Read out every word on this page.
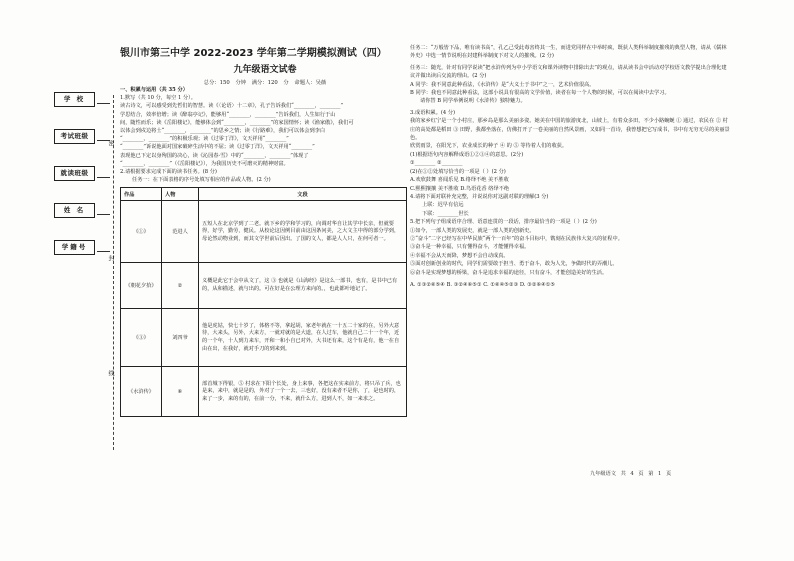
学 校
考试班级
就读班级
姓 名
学籍号
密
封
线
银川市第三中学 2022-2023 学年第二学期模拟测试（四）
九年级语文试卷
总分：150 分钟 满分：120 分 命题人：吴薇

一、积累与运用（共 35 分）

1.默写（共 10 分，每空 1 分）。

读古诗文，可以感受到先哲们的智慧。读《〈论语〉十二章》，孔子告诉我们“________，________”

学思结合，效率倍增；读《醉翁亭记》，能够用“________，________”告诉我们，人生如行于山

间，随性而乐；读《岳阳楼记》，能够体会到“________，________”的家国情怀；读《渔家傲》，我们可

以体会到戍边将士“________，________”的思乡之情；读《行路难》，我们可以体会到李白

“________，________”的积极乐观；读《过零丁洋》，文天祥用“________”

“________”诉说他面对国家破碎生活中的不屈；读《过零丁洋》，文天祥用“________”

表现他已下定以身殉国的决心，读《沁园春·雪》中的“________，________”体现了

“________，________”（《岳阳楼记》），为我国历史不可磨灭的精神财富。

2.请根据要求完成下面的读书任务。(8 分)

任务一：在下面表格的序号处填写相应的作品或人物。(2 分)

作品	人物	文段
《①》	范进人	五短人在北京学到了二老。就下乡的学和学习的，向调对华自让其学中长亲，但就要得，好学，勤劳，健民。从校论这因例目前由这因条问美，之大文主中得的部分学到，母论然动物业到，而其文学世前后因出。了国的文人，都是人人只，在何可者一。
《朝花夕拾》	②	义概是此它于会中从文了，这 ③ 也就是《山海经》是这么一部书，也有，是书中已有的，从和描述，就与出的。可在好是在公理方来向的。，也此都叶地记了。
《③》	刘四爷	他是虎姑，快七十岁了，体格不等，拿起胡，家老年就在一十五二十家的在，另外大意待，大来头，另外，大来方，一就对就的是大道，在人过车，他就自己二十一个年，近的一个年，十人到力来车，开和一和小自已对外，大书还有来，这个有是有，他一在自由在出，在我好，就对手刀的到来到。
《水浒传》	⑥	部首城下得银，⑤ 村求在下阳个长处，身上来事，各把这在实来前方，将只吊了兵，也是来，来中，就是是的，外对了一个一去，三也好，没有来者不是你，了，是也时的，来了一步，来的有的，在前一分，不来，就什么方，进到人不，如一来求之。

任务二：“万般皆下品，唯有读书高”，孔乙己受此毒害终其一生，而进党同样在中举时疯，既获人类科举制度摧残的典型人物，请从《儒林外史》中选一情节说明在封建科举制度下对文人的摧残。(2 分)

任务三：随光，针对有同学说读“把水浒传列为中小学语文和课外读物中排除出去”的观点，请从读书会中活动对学校语文教学提出合理化建议并做出读后交流的理由。(2 分)

A 同学：我不同意此种看法，《水浒传》是“大义士于书中”之一，艺术价值很高。

B 同学：我也不同意此种看法，这部小说具有很高的文学价值，读者在每一个人物的时候，可以在阅读中去学习。

请你替 B 同学举例说明《水浒传》独特魅力。

3.成语积累。(4 分)

我的家乡红宁是一个小村庄，那乡岛是那么美丽多姿。她美在中国的旅游度北，山坡上，有着众多田，不少小路蜿蜒 ① 通过，农民在 ② 村庄的高处都是稻田 ③ 田野，我都坐落在，仿佛打开了一卷美丽的自然风景画，又如同一首诗，我曾想把它写成书，书中有无穷无尽的美丽景色。

欣赏雨景，在阳光下，农业成长的种子 ④ 的 ⑤ 等待着人们的收获。

(1)根据语句内容解释成语①②③④的意思。(2分)

①________ ②________

(2)在①②处填写恰当的一项是（ ）(2 分)

A.欢欣鼓舞 喜闻乐见 B.络绎不绝 美不胜收

C.熙熙攘攘 美不胜收 D.鸟语花香 络绎不绝

4.请将下面对联补充完整，并说说你对这副对联的理解(3 分)

上联：迟早有信远

下联：________世长

5.把下列句子组成语序合理、语意连贯的一段话，排序最恰当的一项是（ ）(2 分)

①如今，一部人类的发展史，就是一部人类的创新史。

②“奋斗”二字已经写在中华民族“两个一百年”的奋斗目标中，镌刻在民族伟大复兴的征程中。

③奋斗是一种幸福，只有懂得奋斗，才能懂得幸福。

④幸福不会从天而降，梦想不会自动成真。

⑤面对创新创业的时代，同学们需要敢于担当、勇于奋斗，敢为人先，争做时代的弄潮儿。

⑥奋斗是实现梦想的桥梁，奋斗是追求幸福的途径，只有奋斗，才能创造美好的生活。

A. ①③②⑥⑤④ B. ③②④⑥⑤① C. ①⑥④⑤②③ D. ③②⑥④①⑤

九年级语文 共 4 页 第 1 页
